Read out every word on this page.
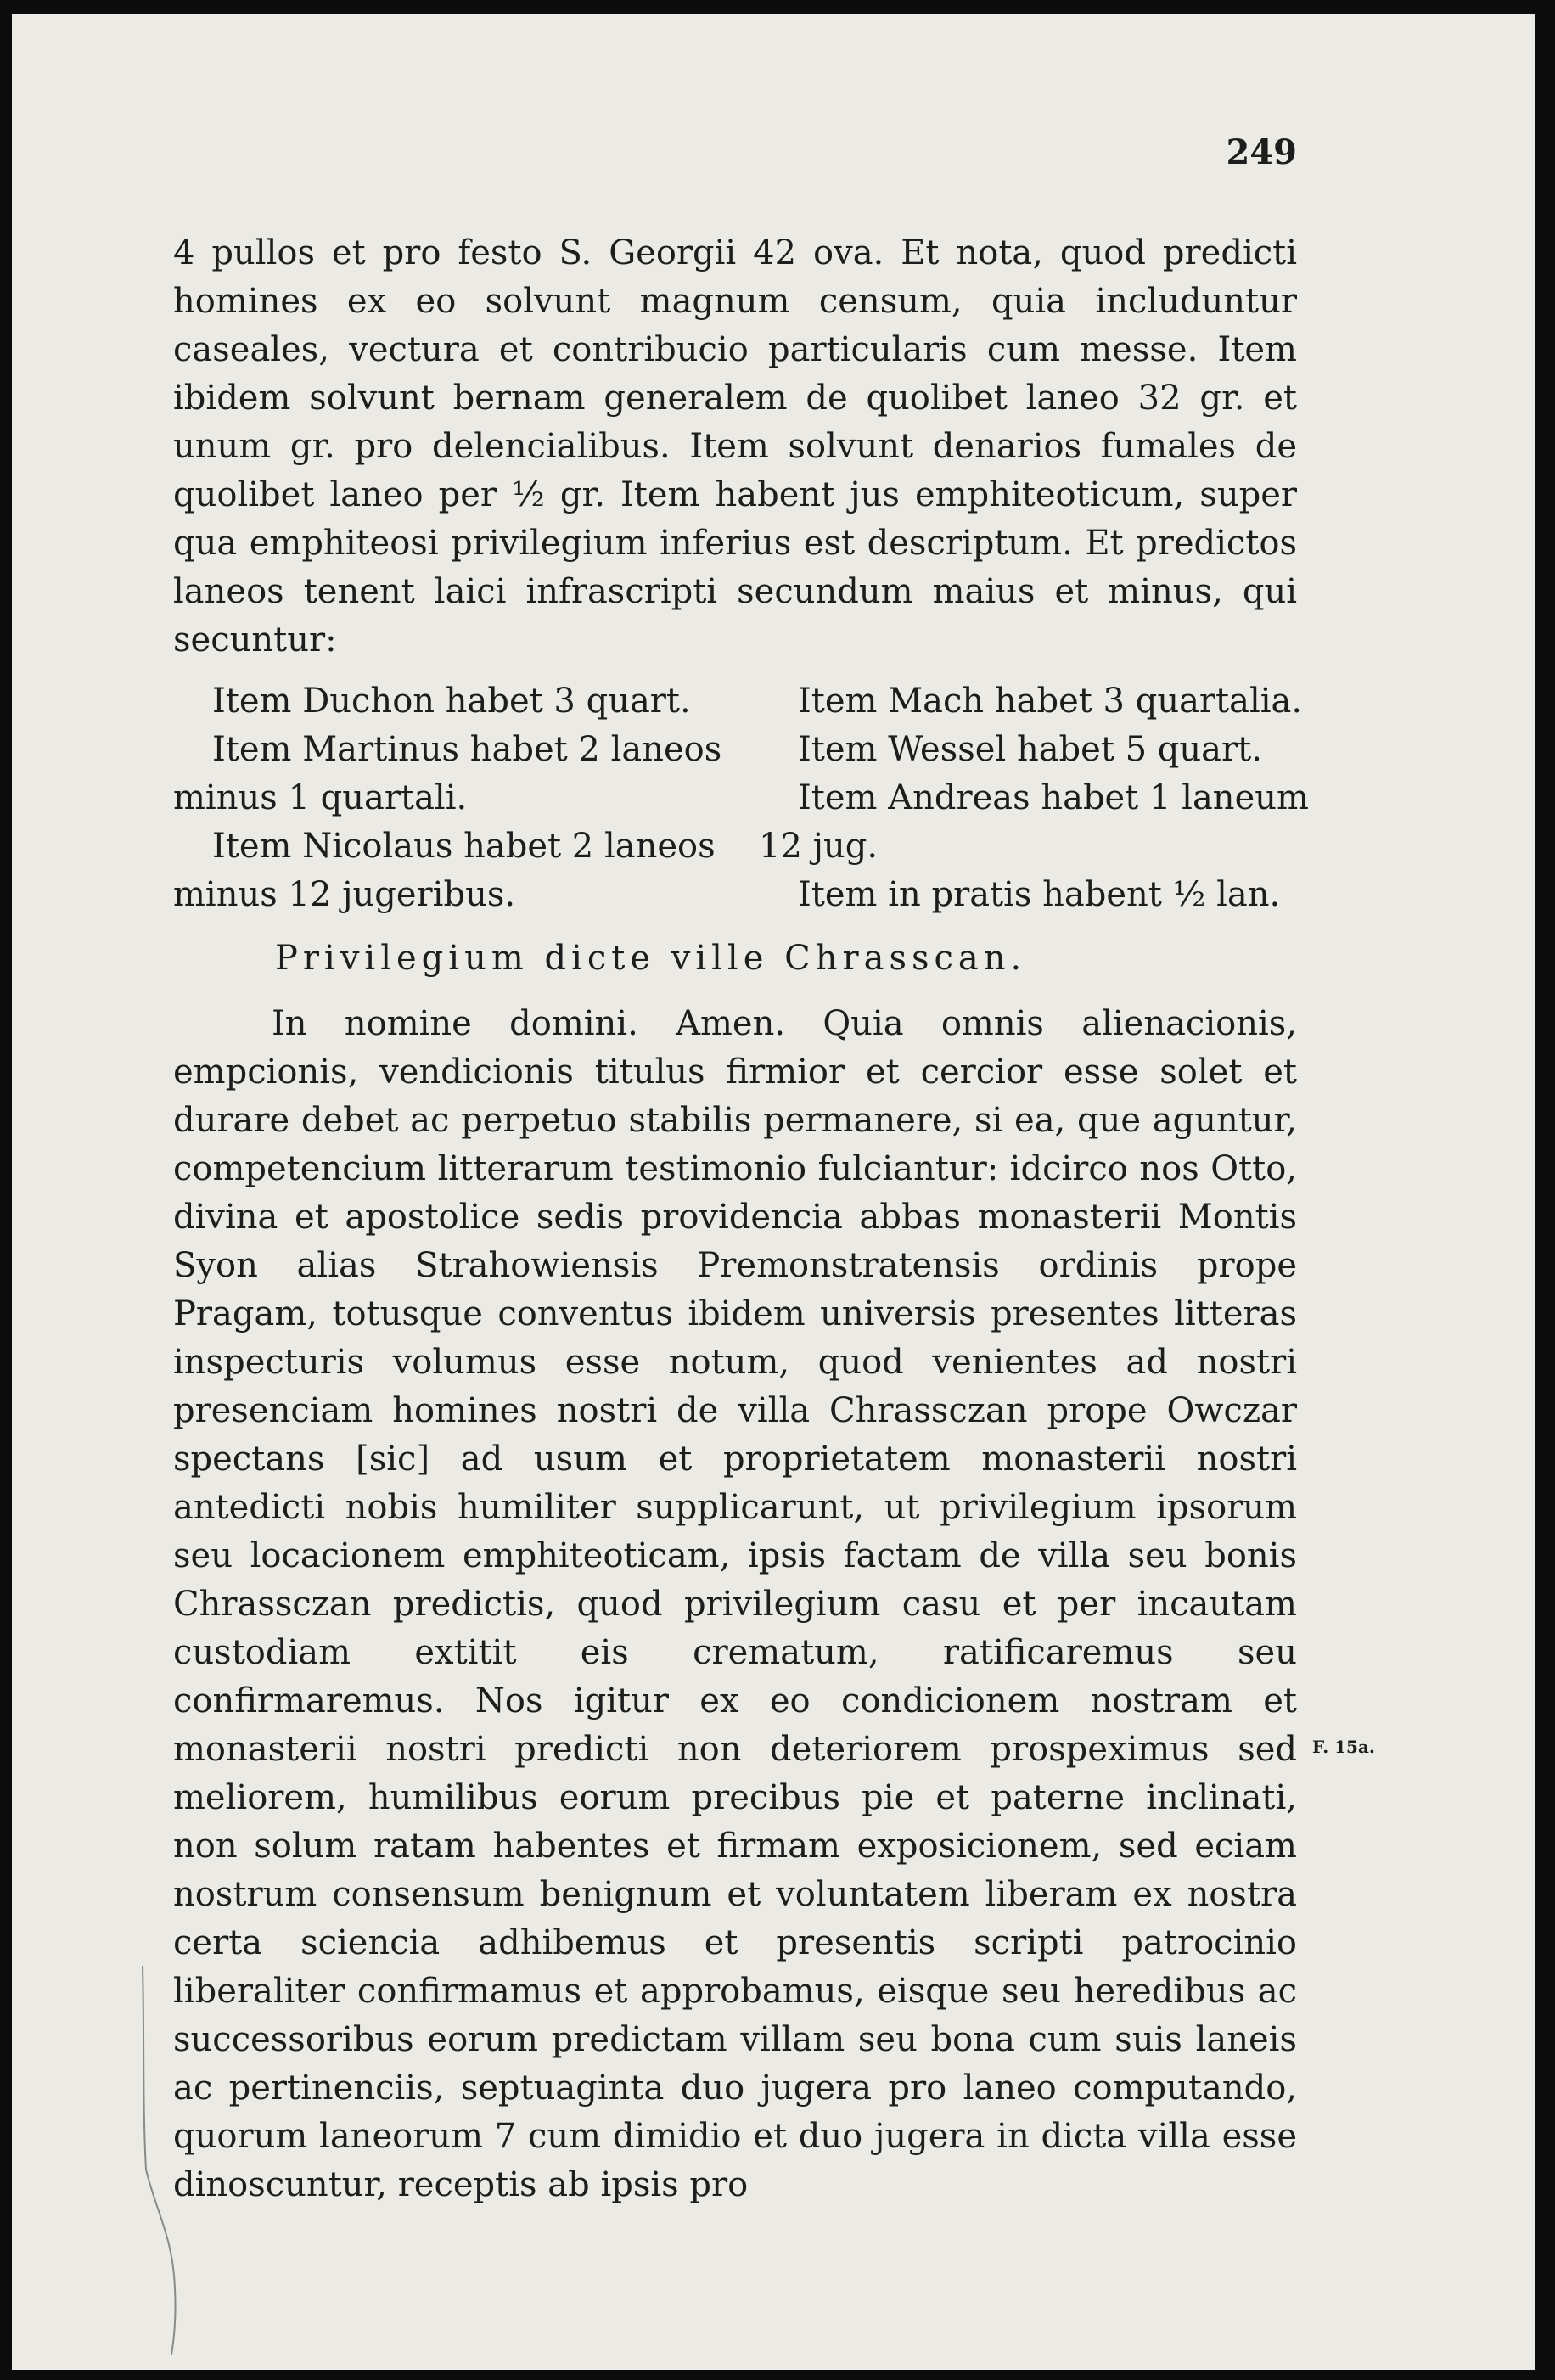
249

4 pullos et pro festo S. Georgii 42 ova. Et nota, quod predicti homines ex eo solvunt magnum censum, quia includuntur caseales, vectura et contribucio particularis cum messe. Item ibidem solvunt bernam generalem de quolibet laneo 32 gr. et unum gr. pro delencialibus. Item solvunt denarios fumales de quolibet laneo per ½ gr. Item habent jus emphiteoticum, super qua emphiteosi privilegium inferius est descriptum. Et predictos laneos tenent laici infrascripti secundum maius et minus, qui secuntur:

Item Duchon habet 3 quart.
Item Martinus habet 2 laneos
minus 1 quartali.
Item Nicolaus habet 2 laneos
minus 12 jugeribus.
Item Mach habet 3 quartalia.
Item Wessel habet 5 quart.
Item Andreas habet 1 laneum
12 jug.
Item in pratis habent ½ lan.
Privilegium dicte ville Chrasscan.

In nomine domini. Amen. Quia omnis alienacionis, empcionis, vendicionis titulus firmior et cercior esse solet et durare debet ac perpetuo stabilis permanere, si ea, que aguntur, competencium litterarum testimonio fulciantur: idcirco nos Otto, divina et apostolice sedis providencia abbas monasterii Montis Syon alias Strahowiensis Premonstratensis ordinis prope Pragam, totusque conventus ibidem universis presentes litteras inspecturis volumus esse notum, quod venientes ad nostri presenciam homines nostri de villa Chrassczan prope Owczar spectans [sic] ad usum et proprietatem monasterii nostri antedicti nobis humiliter supplicarunt, ut privilegium ipsorum seu locacionem emphiteoticam, ipsis factam de villa seu bonis Chrassczan predictis, quod privilegium casu et per incautam custodiam extitit eis crematum, ratificaremus seu confirmaremus. Nos igitur ex eo condicionem nostram et monasterii nostri predicti non deteriorem prospeximus sed meliorem, humilibus eorum precibus pie et paterne inclinati, non solum ratam habentes et firmam exposicionem, sed eciam nostrum consensum benignum et voluntatem liberam ex nostra certa sciencia adhibemus et presentis scripti patrocinio liberaliter confirmamus et approbamus, eisque seu heredibus ac successoribus eorum predictam villam seu bona cum suis laneis ac pertinenciis, septuaginta duo jugera pro laneo computando, quorum laneorum 7 cum dimidio et duo jugera in dicta villa esse dinoscuntur, receptis ab ipsis pro

F. 15a.
